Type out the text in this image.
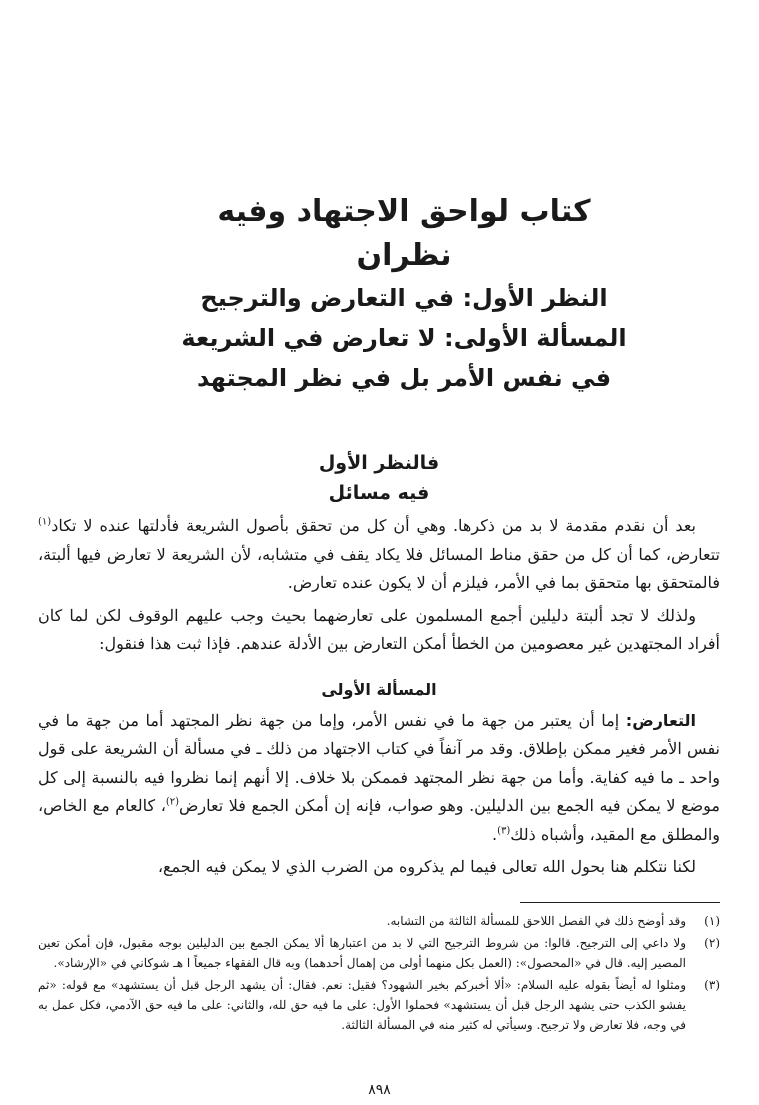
كتاب لواحق الاجتهاد وفيه نظران
النظر الأول: في التعارض والترجيح
المسألة الأولى: لا تعارض في الشريعة
في نفس الأمر بل في نظر المجتهد
فالنظر الأول
فيه مسائل

بعد أن نقدم مقدمة لا بد من ذكرها. وهي أن كل من تحقق بأصول الشريعة فأدلتها عنده لا تكاد$^{(١)}$ تتعارض، كما أن كل من حقق مناط المسائل فلا يكاد يقف في متشابه، لأن الشريعة لا تعارض فيها ألبتة، فالمتحقق بها متحقق بما في الأمر، فيلزم أن لا يكون عنده تعارض.

ولذلك لا تجد ألبتة دليلين أجمع المسلمون على تعارضهما بحيث وجب عليهم الوقوف لكن لما كان أفراد المجتهدين غير معصومين من الخطأ أمكن التعارض بين الأدلة عندهم. فإذا ثبت هذا فنقول:

المسألة الأولى

التعارض: إما أن يعتبر من جهة ما في نفس الأمر، وإما من جهة نظر المجتهد أما من جهة ما في نفس الأمر فغير ممكن بإطلاق. وقد مر آنفاً في كتاب الاجتهاد من ذلك ـ في مسألة أن الشريعة على قول واحد ـ ما فيه كفاية. وأما من جهة نظر المجتهد فممكن بلا خلاف. إلا أنهم إنما نظروا فيه بالنسبة إلى كل موضع لا يمكن فيه الجمع بين الدليلين. وهو صواب، فإنه إن أمكن الجمع فلا تعارض$^{(٢)}$، كالعام مع الخاص، والمطلق مع المقيد، وأشباه ذلك$^{(٣)}$.

لكنا نتكلم هنا بحول الله تعالى فيما لم يذكروه من الضرب الذي لا يمكن فيه الجمع،

(١)
وقد أوضح ذلك في الفصل اللاحق للمسألة الثالثة من التشابه.
(٢)
ولا داعي إلى الترجيح. قالوا: من شروط الترجيح التي لا بد من اعتبارها ألا يمكن الجمع بين الدليلين بوجه مقبول، فإن أمكن تعين المصير إليه. قال في «المحصول»: (العمل بكل منهما أولى من إهمال أحدهما) وبه قال الفقهاء جميعاً ا هـ شوكاني في «الإرشاد».
(٣)
ومثلوا له أيضاً بقوله عليه السلام: «ألا أخبركم بخير الشهود؟ فقيل: نعم. فقال: أن يشهد الرجل قبل أن يستشهد» مع قوله: «ثم يفشو الكذب حتى يشهد الرجل قبل أن يستشهد» فحملوا الأول: على ما فيه حق لله، والثاني: على ما فيه حق الآدمي، فكل عمل به في وجه، فلا تعارض ولا ترجيح. وسيأتي له كثير منه في المسألة الثالثة.
٨٩٨
